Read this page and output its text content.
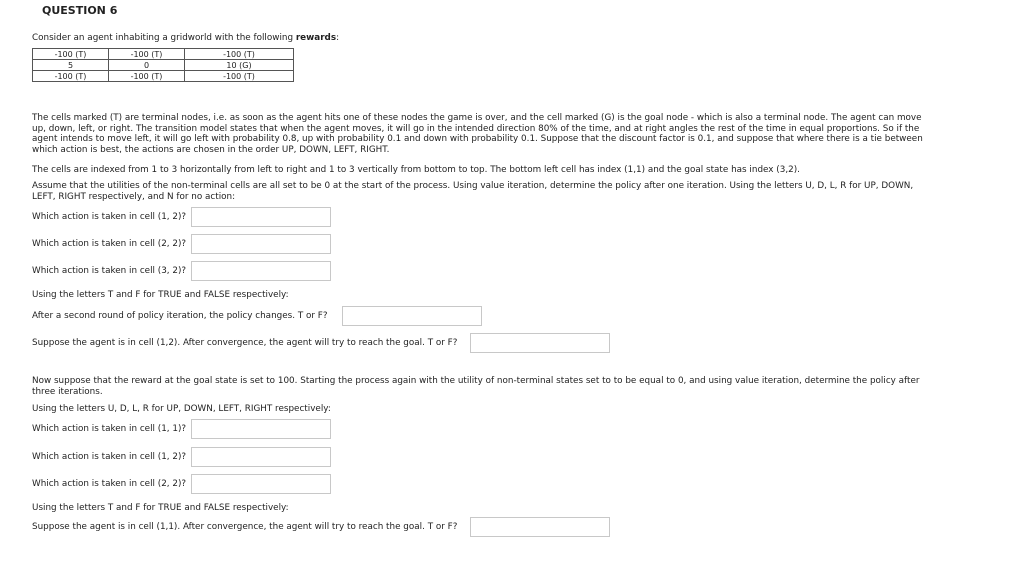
QUESTION 6
Consider an agent inhabiting a gridworld with the following rewards:
-100 (T)	-100 (T)	-100 (T)
5	0	10 (G)
-100 (T)	-100 (T)	-100 (T)
The cells marked (T) are terminal nodes, i.e. as soon as the agent hits one of these nodes the game is over, and the cell marked (G) is the goal node - which is also a terminal node. The agent can move up, down, left, or right. The transition model states that when the agent moves, it will go in the intended direction 80% of the time, and at right angles the rest of the time in equal proportions. So if the agent intends to move left, it will go left with probability 0.8, up with probability 0.1 and down with probability 0.1. Suppose that the discount factor is 0.1, and suppose that where there is a tie between which action is best, the actions are chosen in the order UP, DOWN, LEFT, RIGHT.
The cells are indexed from 1 to 3 horizontally from left to right and 1 to 3 vertically from bottom to top. The bottom left cell has index (1,1) and the goal state has index (3,2).
Assume that the utilities of the non-terminal cells are all set to be 0 at the start of the process. Using value iteration, determine the policy after one iteration. Using the letters U, D, L, R for UP, DOWN, LEFT, RIGHT respectively, and N for no action:
Which action is taken in cell (1, 2)?
Which action is taken in cell (2, 2)?
Which action is taken in cell (3, 2)?
Using the letters T and F for TRUE and FALSE respectively:
After a second round of policy iteration, the policy changes. T or F?
Suppose the agent is in cell (1,2). After convergence, the agent will try to reach the goal. T or F?
Now suppose that the reward at the goal state is set to 100. Starting the process again with the utility of non-terminal states set to to be equal to 0, and using value iteration, determine the policy after three iterations.
Using the letters U, D, L, R for UP, DOWN, LEFT, RIGHT respectively:
Which action is taken in cell (1, 1)?
Which action is taken in cell (1, 2)?
Which action is taken in cell (2, 2)?
Using the letters T and F for TRUE and FALSE respectively:
Suppose the agent is in cell (1,1). After convergence, the agent will try to reach the goal. T or F?
